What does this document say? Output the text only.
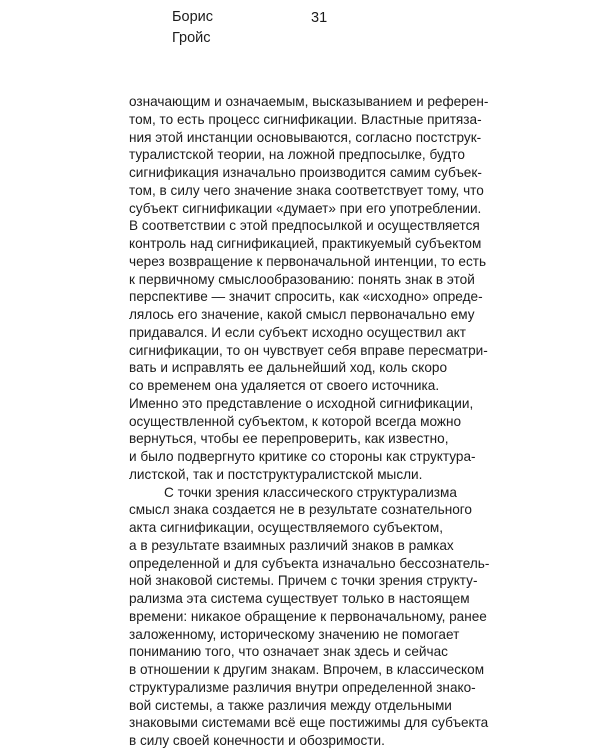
Борис
Гройс
31
означающим и означаемым, высказыванием и референ-
том, то есть процесс сигнификации. Властные притяза-
ния этой инстанции основываются, согласно постструк-
туралистской теории, на ложной предпосылке, будто
сигнификация изначально производится самим субъек-
том, в силу чего значение знака соответствует тому, что
субъект сигнификации «думает» при его употреблении.
В соответствии с этой предпосылкой и осуществляется
контроль над сигнификацией, практикуемый субъектом
через возвращение к первоначальной интенции, то есть
к первичному смыслообразованию: понять знак в этой
перспективе — значит спросить, как «исходно» опреде-
лялось его значение, какой смысл первоначально ему
придавался. И если субъект исходно осуществил акт
сигнификации, то он чувствует себя вправе пересматри-
вать и исправлять ее дальнейший ход, коль скоро
со временем она удаляется от своего источника.
Именно это представление о исходной сигнификации,
осуществленной субъектом, к которой всегда можно
вернуться, чтобы ее перепроверить, как известно,
и было подвергнуто критике со стороны как структура-
листской, так и постструктуралистской мысли.
С точки зрения классического структурализма
смысл знака создается не в результате сознательного
акта сигнификации, осуществляемого субъектом,
а в результате взаимных различий знаков в рамках
определенной и для субъекта изначально бессознатель-
ной знаковой системы. Причем с точки зрения структу-
рализма эта система существует только в настоящем
времени: никакое обращение к первоначальному, ранее
заложенному, историческому значению не помогает
пониманию того, что означает знак здесь и сейчас
в отношении к другим знакам. Впрочем, в классическом
структурализме различия внутри определенной знако-
вой системы, а также различия между отдельными
знаковыми системами всё еще постижимы для субъекта
в силу своей конечности и обозримости.
